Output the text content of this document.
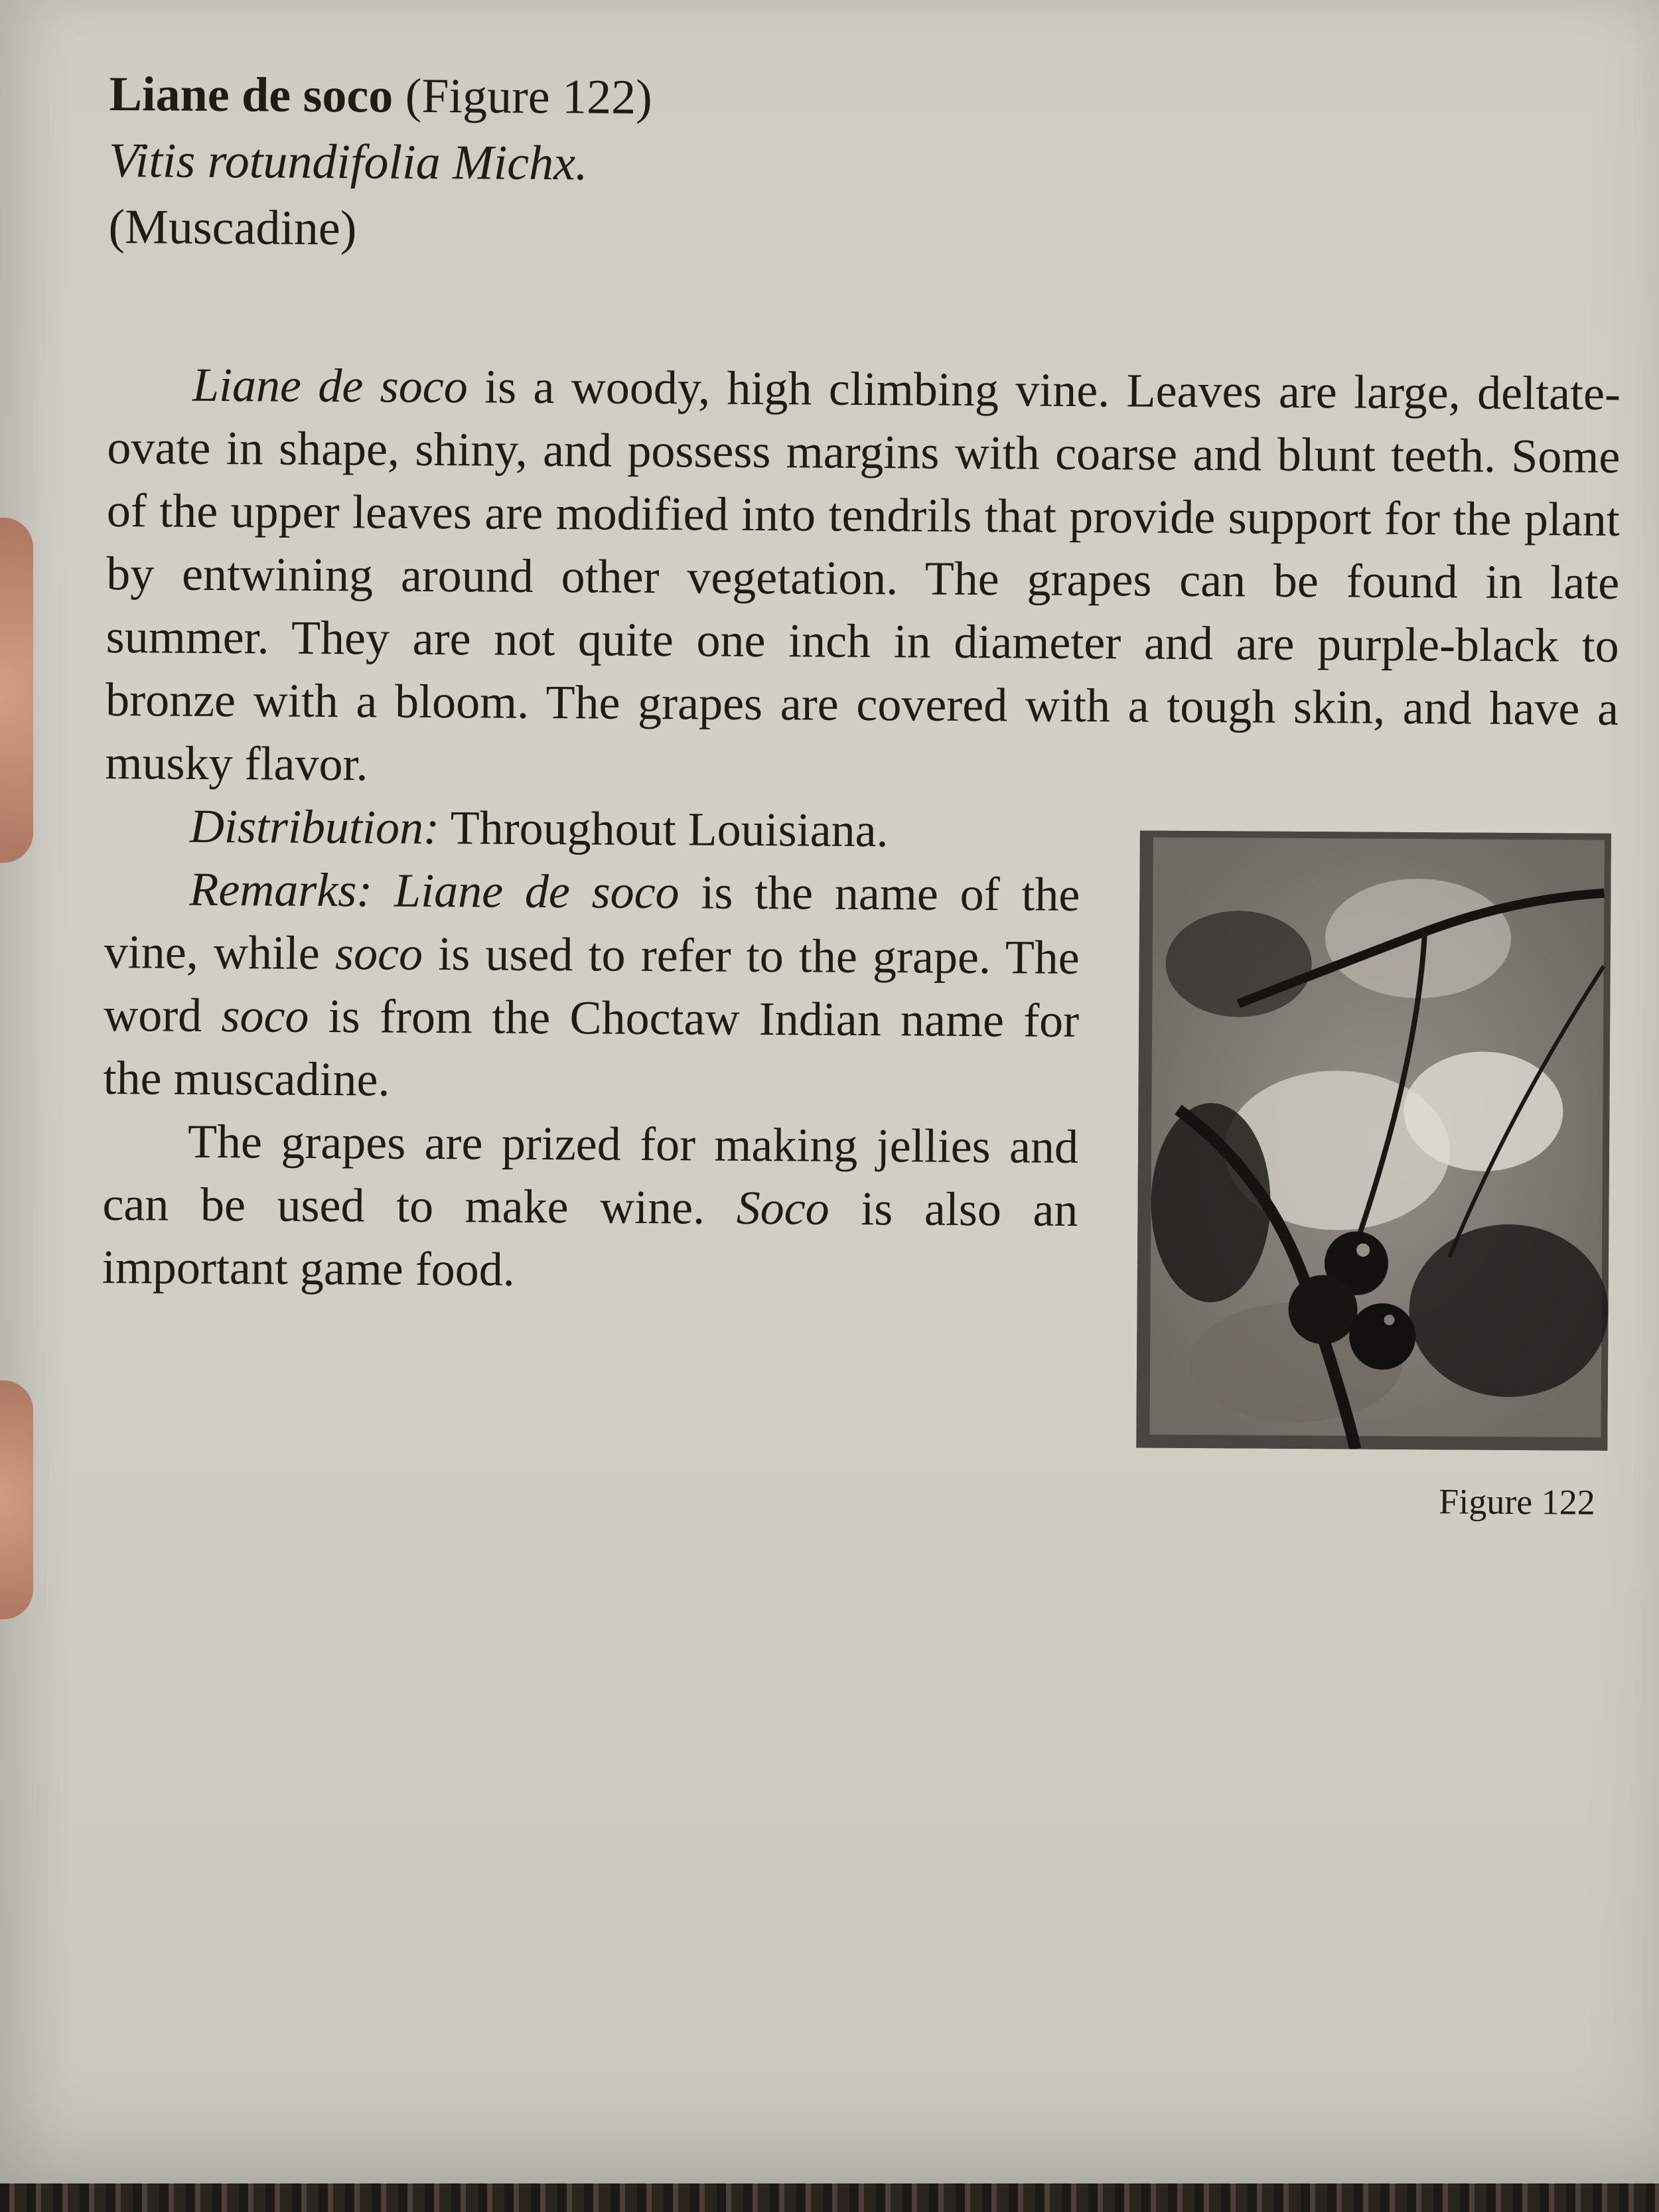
Liane de soco (Figure 122)

Vitis rotundifolia Michx.

(Muscadine)

Liane de soco is a woody, high climbing vine. Leaves are large, deltate-ovate in shape, shiny, and possess margins with coarse and blunt teeth. Some of the upper leaves are modified into tendrils that provide support for the plant by entwining around other vegetation. The grapes can be found in late summer. They are not quite one inch in diameter and are purple-black to bronze with a bloom. The grapes are covered with a tough skin, and have a musky flavor.

Figure 122

Distribution: Throughout Louisiana.

Remarks: Liane de soco is the name of the vine, while soco is used to refer to the grape. The word soco is from the Choctaw Indian name for the muscadine.

The grapes are prized for making jellies and can be used to make wine. Soco is also an important game food.
